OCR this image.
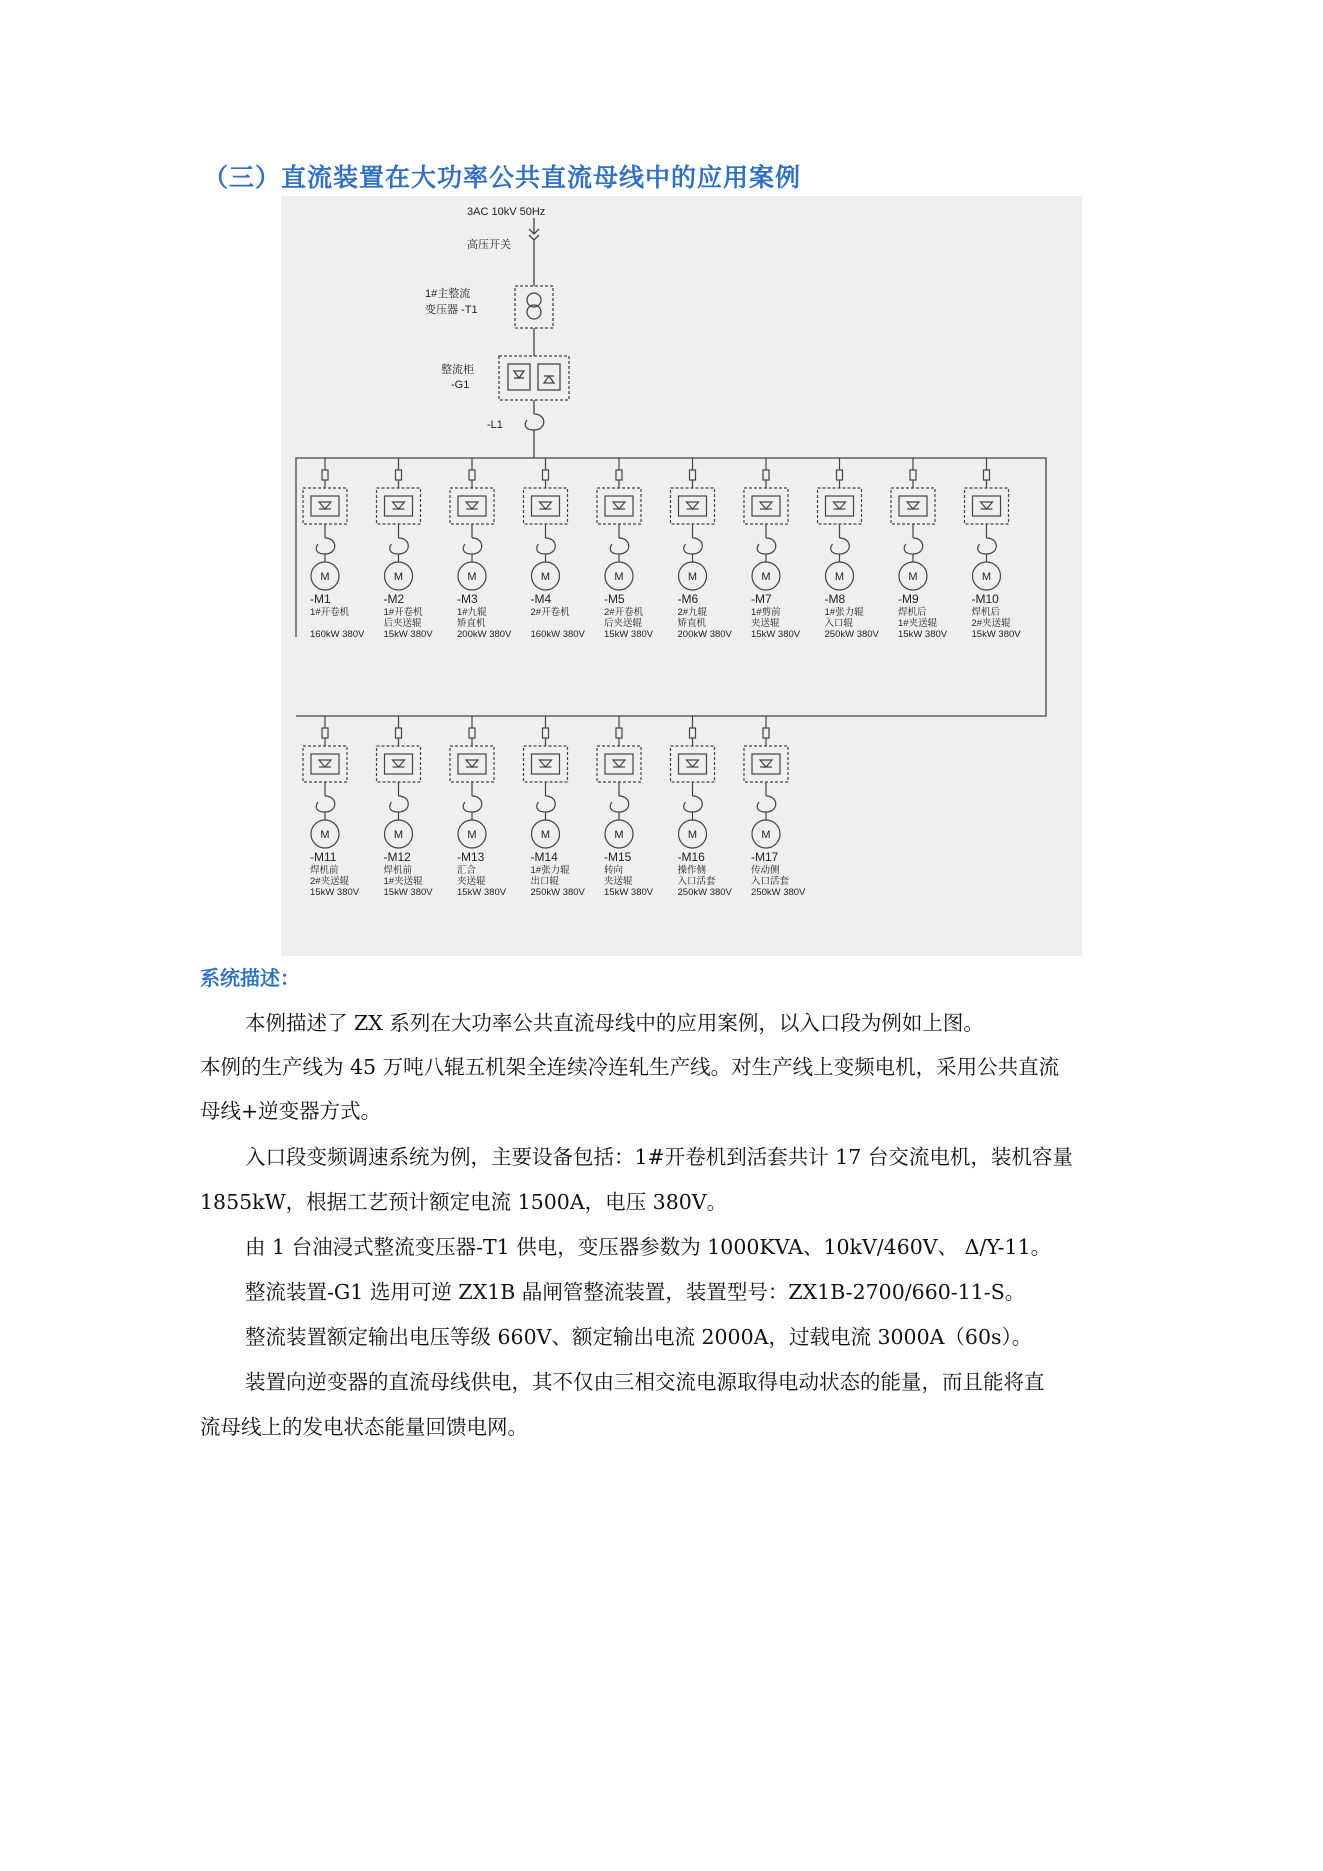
（三）直流装置在大功率公共直流母线中的应用案例
3AC 10kV 50Hz
高压开关
1#主整流
变压器 -T1
整流柜
-G1
-L1
M
-M1
1#开卷机
160kW 380V
M
-M2
1#开卷机
后夹送辊
15kW 380V
M
-M3
1#九辊
矫直机
200kW 380V
M
-M4
2#开卷机
160kW 380V
M
-M5
2#开卷机
后夹送辊
15kW 380V
M
-M6
2#九辊
矫直机
200kW 380V
M
-M7
1#剪前
夹送辊
15kW 380V
M
-M8
1#张力辊
入口辊
250kW 380V
M
-M9
焊机后
1#夹送辊
15kW 380V
M
-M10
焊机后
2#夹送辊
15kW 380V
M
-M11
焊机前
2#夹送辊
15kW 380V
M
-M12
焊机前
1#夹送辊
15kW 380V
M
-M13
汇合
夹送辊
15kW 380V
M
-M14
1#张力辊
出口辊
250kW 380V
M
-M15
转向
夹送辊
15kW 380V
M
-M16
操作侧
入口活套
250kW 380V
M
-M17
传动侧
入口活套
250kW 380V
系统描述：
本例描述了 ZX 系列在大功率公共直流母线中的应用案例，以入口段为例如上图。
本例的生产线为 45 万吨八辊五机架全连续冷连轧生产线。对生产线上变频电机，采用公共直流
母线+逆变器方式。
入口段变频调速系统为例，主要设备包括：1#开卷机到活套共计 17 台交流电机，装机容量
1855kW，根据工艺预计额定电流 1500A，电压 380V。
由 1 台油浸式整流变压器-T1 供电，变压器参数为 1000KVA、10kV/460V、 Δ/Y-11。
整流装置-G1 选用可逆 ZX1B 晶闸管整流装置，装置型号：ZX1B-2700/660-11-S。
整流装置额定输出电压等级 660V、额定输出电流 2000A，过载电流 3000A（60s）。
装置向逆变器的直流母线供电，其不仅由三相交流电源取得电动状态的能量，而且能将直
流母线上的发电状态能量回馈电网。
